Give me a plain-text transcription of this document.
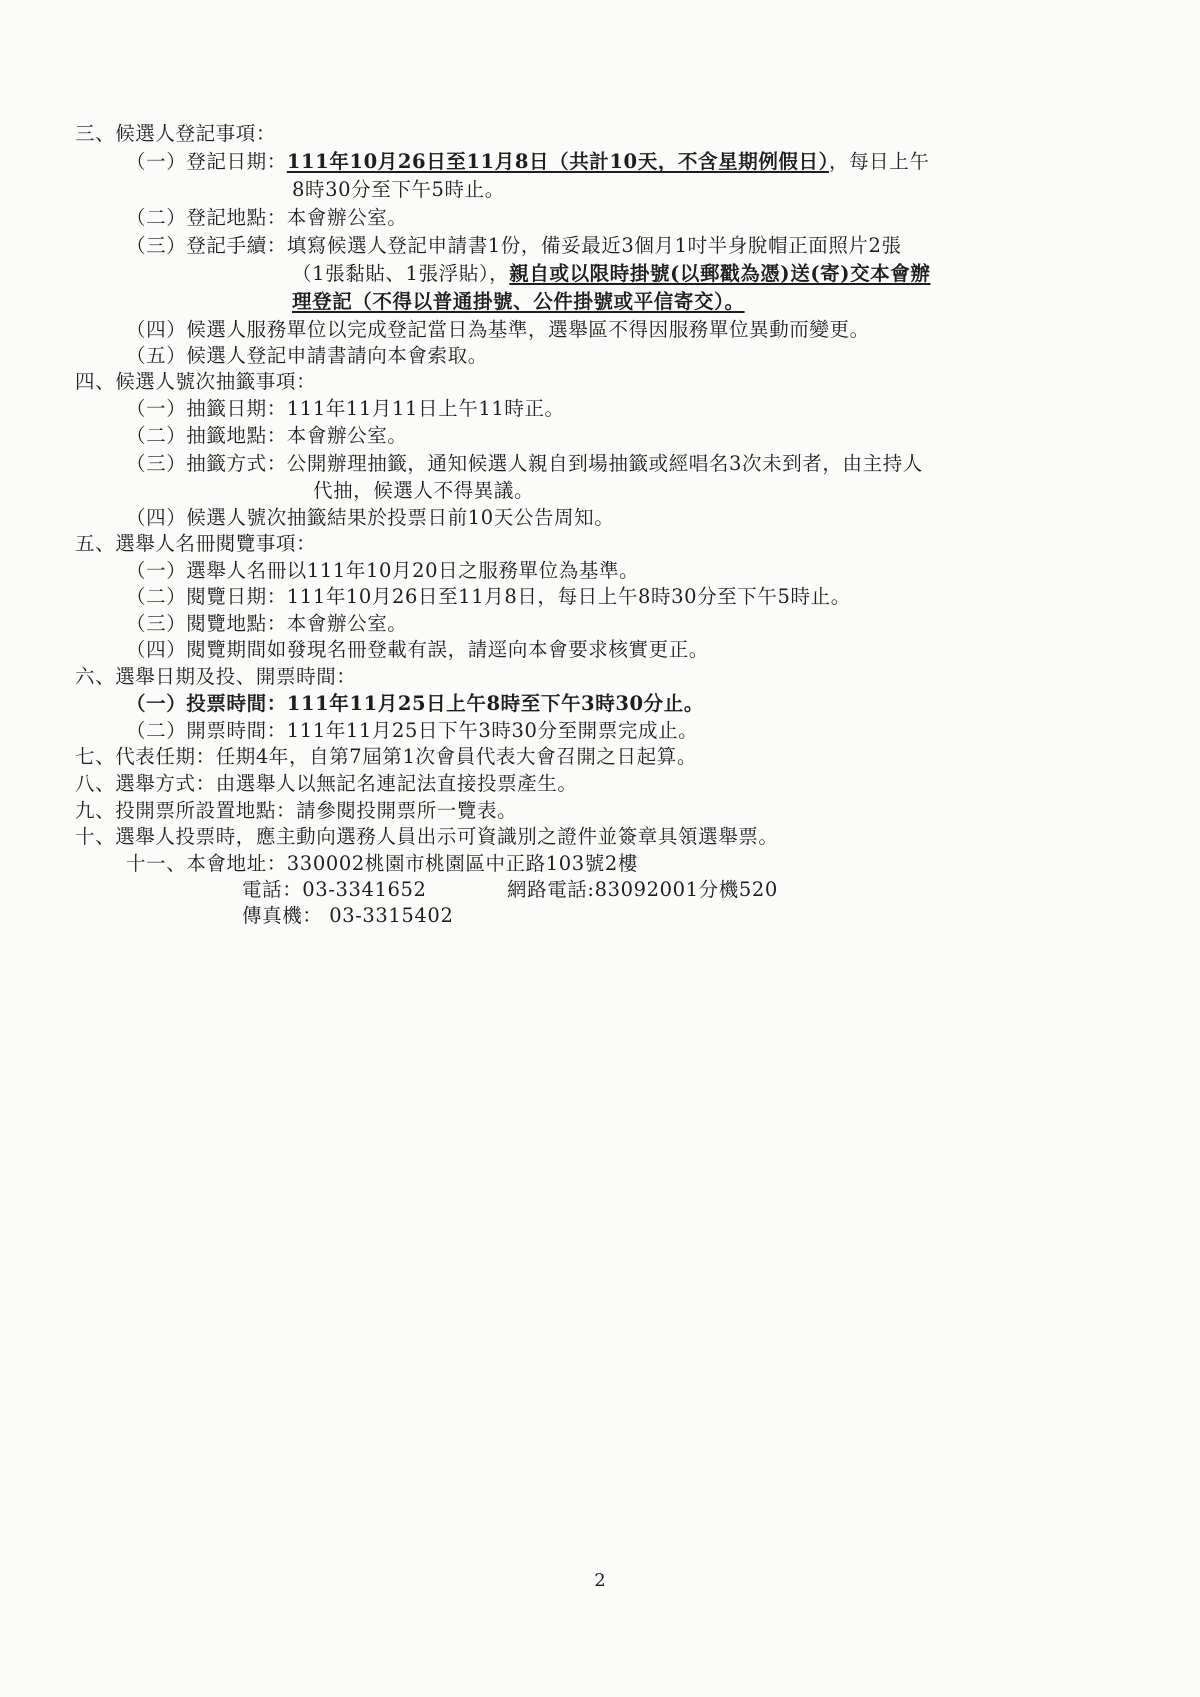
三、候選人登記事項：
（一）登記日期：111年10月26日至11月8日（共計10天，不含星期例假日），每日上午
8時30分至下午5時止。
（二）登記地點：本會辦公室。
（三）登記手續：填寫候選人登記申請書1份，備妥最近3個月1吋半身脫帽正面照片2張
（1張黏貼、1張浮貼），親自或以限時掛號(以郵戳為憑)送(寄)交本會辦
理登記（不得以普通掛號、公件掛號或平信寄交）。
（四）候選人服務單位以完成登記當日為基準，選舉區不得因服務單位異動而變更。
（五）候選人登記申請書請向本會索取。
四、候選人號次抽籤事項：
（一）抽籤日期：111年11月11日上午11時正。
（二）抽籤地點：本會辦公室。
（三）抽籤方式：公開辦理抽籤，通知候選人親自到場抽籤或經唱名3次未到者，由主持人
代抽，候選人不得異議。
（四）候選人號次抽籤結果於投票日前10天公告周知。
五、選舉人名冊閱覽事項：
（一）選舉人名冊以111年10月20日之服務單位為基準。
（二）閱覽日期：111年10月26日至11月8日，每日上午8時30分至下午5時止。
（三）閱覽地點：本會辦公室。
（四）閱覽期間如發現名冊登載有誤，請逕向本會要求核實更正。
六、選舉日期及投、開票時間：
（一）投票時間：111年11月25日上午8時至下午3時30分止。
（二）開票時間：111年11月25日下午3時30分至開票完成止。
七、代表任期：任期4年，自第7屆第1次會員代表大會召開之日起算。
八、選舉方式：由選舉人以無記名連記法直接投票產生。
九、投開票所設置地點：請參閱投開票所一覽表。
十、選舉人投票時，應主動向選務人員出示可資識別之證件並簽章具領選舉票。
十一、本會地址：330002桃園市桃園區中正路103號2樓
電話：03-3341652	網路電話:83092001分機520
傳真機： 03-3315402
2
